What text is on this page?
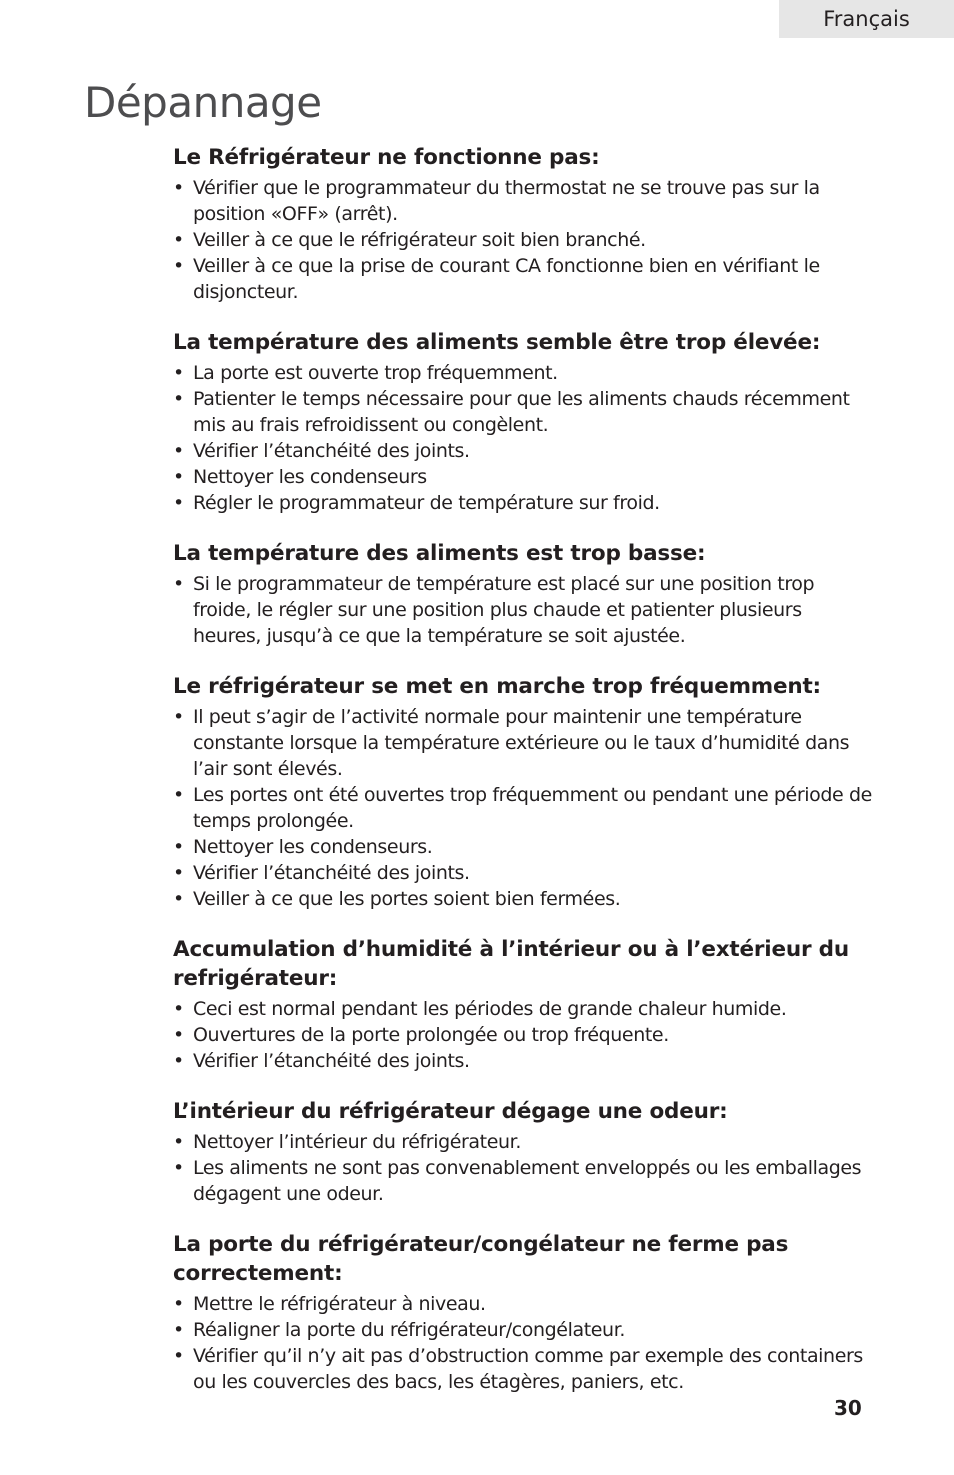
Français
Dépannage
Le Réfrigérateur ne fonctionne pas:
• Vérifier que le programmateur du thermostat ne se trouve pas sur la position «OFF» (arrêt).
• Veiller à ce que le réfrigérateur soit bien branché.
• Veiller à ce que la prise de courant CA fonctionne bien en vérifiant le disjoncteur.
La température des aliments semble être trop élevée:
• La porte est ouverte trop fréquemment.
• Patienter le temps nécessaire pour que les aliments chauds récemment mis au frais refroidissent ou congèlent.
• Vérifier l’étanchéité des joints.
• Nettoyer les condenseurs
• Régler le programmateur de température sur froid.
La température des aliments est trop basse:
• Si le programmateur de température est placé sur une position trop froide, le régler sur une position plus chaude et patienter plusieurs heures, jusqu’à ce que la température se soit ajustée.
Le réfrigérateur se met en marche trop fréquemment:
• Il peut s’agir de l’activité normale pour maintenir une température constante lorsque la température extérieure ou le taux d’humidité dans l’air sont élevés.
• Les portes ont été ouvertes trop fréquemment ou pendant une période de temps prolongée.
• Nettoyer les condenseurs.
• Vérifier l’étanchéité des joints.
• Veiller à ce que les portes soient bien fermées.
Accumulation d’humidité à l’intérieur ou à l’extérieur du refrigérateur:
• Ceci est normal pendant les périodes de grande chaleur humide.
• Ouvertures de la porte prolongée ou trop fréquente.
• Vérifier l’étanchéité des joints.
L’intérieur du réfrigérateur dégage une odeur:
• Nettoyer l’intérieur du réfrigérateur.
• Les aliments ne sont pas convenablement enveloppés ou les emballages dégagent une odeur.
La porte du réfrigérateur/congélateur ne ferme pas correctement:
• Mettre le réfrigérateur à niveau.
• Réaligner la porte du réfrigérateur/congélateur.
• Vérifier qu’il n’y ait pas d’obstruction comme par exemple des containers ou les couvercles des bacs, les étagères, paniers, etc.
30
